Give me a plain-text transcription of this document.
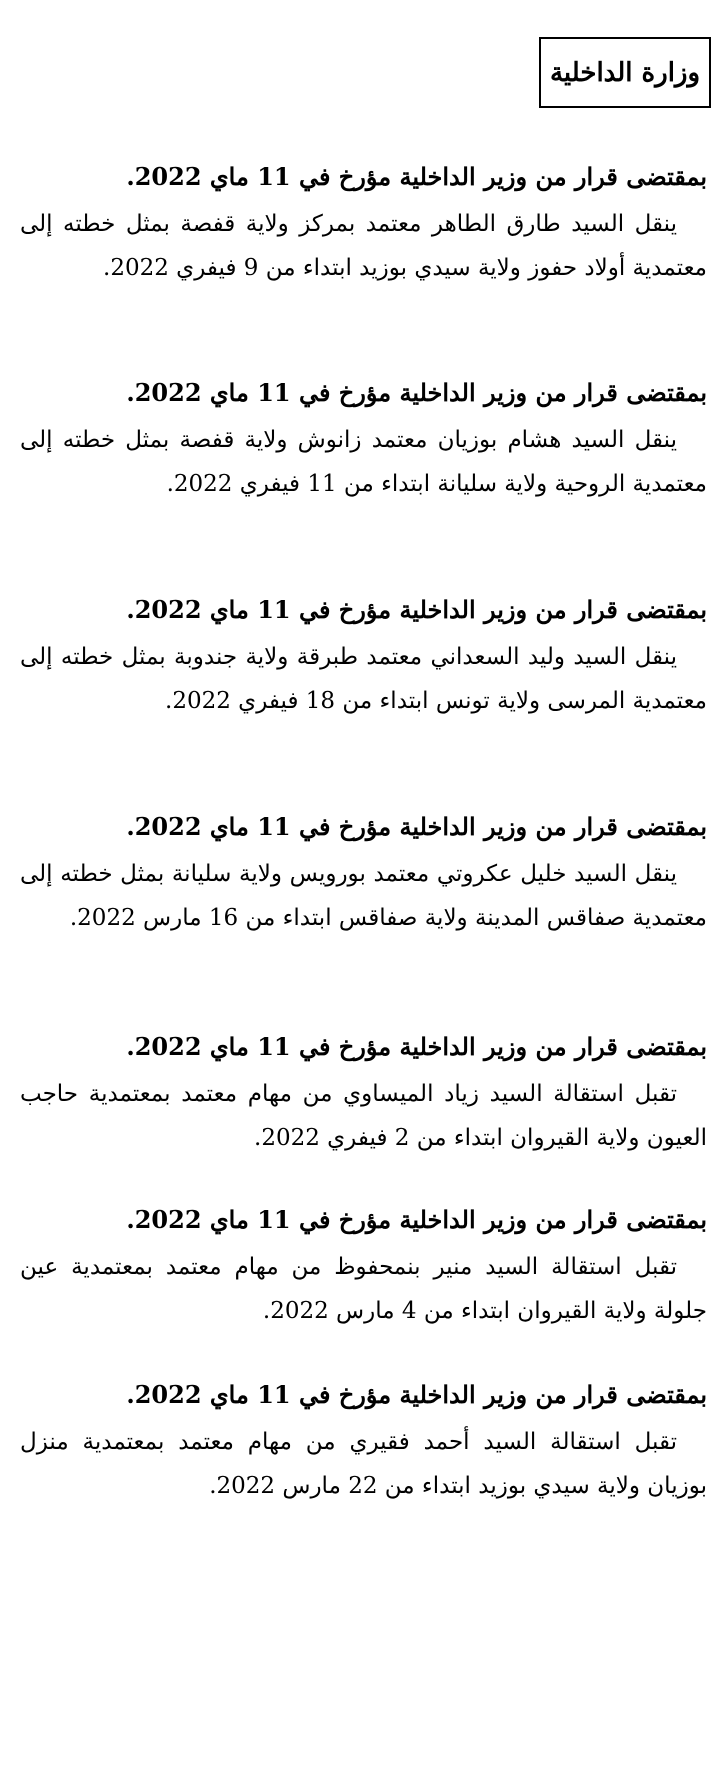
وزارة الداخلية

بمقتضى قرار من وزير الداخلية مؤرخ في 11 ماي 2022.

ينقل السيد طارق الطاهر معتمد بمركز ولاية قفصة بمثل خطته إلى معتمدية أولاد حفوز ولاية سيدي بوزيد ابتداء من 9 فيفري 2022.

بمقتضى قرار من وزير الداخلية مؤرخ في 11 ماي 2022.

ينقل السيد هشام بوزيان معتمد زانوش ولاية قفصة بمثل خطته إلى معتمدية الروحية ولاية سليانة ابتداء من 11 فيفري 2022.

بمقتضى قرار من وزير الداخلية مؤرخ في 11 ماي 2022.

ينقل السيد وليد السعداني معتمد طبرقة ولاية جندوبة بمثل خطته إلى معتمدية المرسى ولاية تونس ابتداء من 18 فيفري 2022.

بمقتضى قرار من وزير الداخلية مؤرخ في 11 ماي 2022.

ينقل السيد خليل عكروتي معتمد بورويس ولاية سليانة بمثل خطته إلى معتمدية صفاقس المدينة ولاية صفاقس ابتداء من 16 مارس 2022.

بمقتضى قرار من وزير الداخلية مؤرخ في 11 ماي 2022.

تقبل استقالة السيد زياد الميساوي من مهام معتمد بمعتمدية حاجب العيون ولاية القيروان ابتداء من 2 فيفري 2022.

بمقتضى قرار من وزير الداخلية مؤرخ في 11 ماي 2022.

تقبل استقالة السيد منير بنمحفوظ من مهام معتمد بمعتمدية عين جلولة ولاية القيروان ابتداء من 4 مارس 2022.

بمقتضى قرار من وزير الداخلية مؤرخ في 11 ماي 2022.

تقبل استقالة السيد أحمد فقيري من مهام معتمد بمعتمدية منزل بوزيان ولاية سيدي بوزيد ابتداء من 22 مارس 2022.
